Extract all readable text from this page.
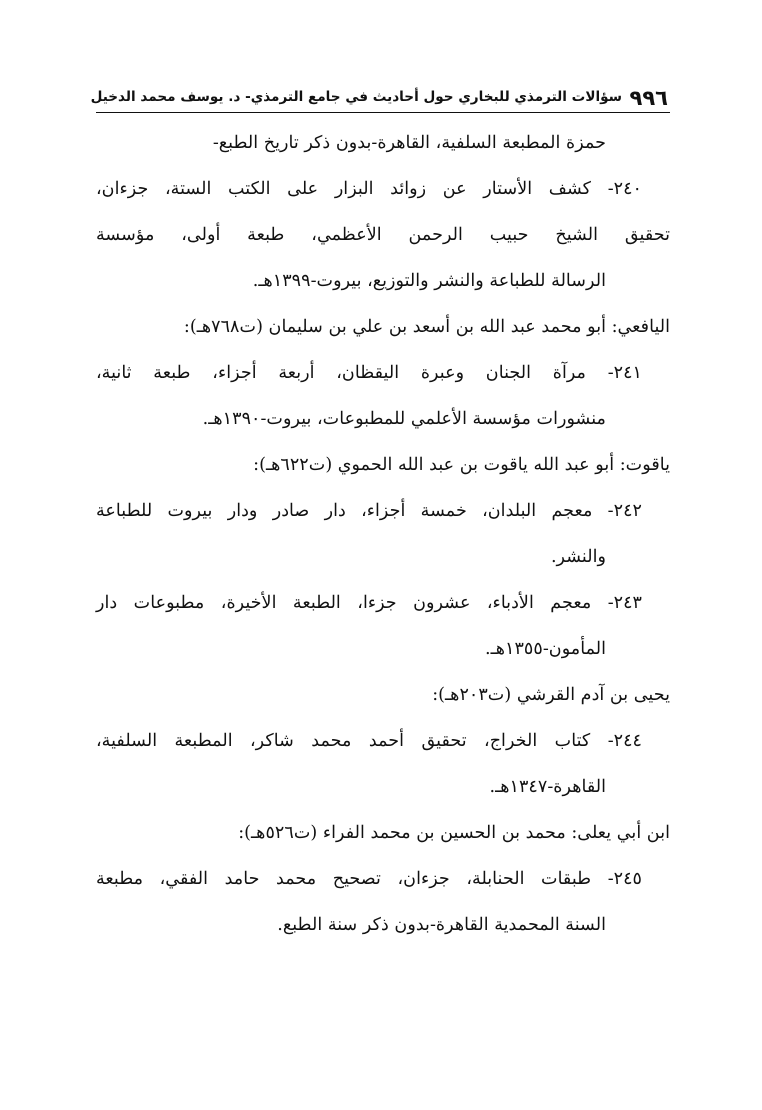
٩٩٦
سؤالات الترمذي للبخاري حول أحاديث في جامع الترمذي- د. يوسف محمد الدخيل
حمزة المطبعة السلفية، القاهرة-بدون ذكر تاريخ الطبع-
٢٤٠- كشف الأستار عن زوائد البزار على الكتب الستة، جزءان،
تحقيق الشيخ حبيب الرحمن الأعظمي، طبعة أولى، مؤسسة
الرسالة للطباعة والنشر والتوزيع، بيروت-١٣٩٩هـ.
اليافعي: أبو محمد عبد الله بن أسعد بن علي بن سليمان (ت٧٦٨هـ):
٢٤١- مرآة الجنان وعبرة اليقظان، أربعة أجزاء، طبعة ثانية،
منشورات مؤسسة الأعلمي للمطبوعات، بيروت-١٣٩٠هـ.
ياقوت: أبو عبد الله ياقوت بن عبد الله الحموي (ت٦٢٢هـ):
٢٤٢- معجم البلدان، خمسة أجزاء، دار صادر ودار بيروت للطباعة
والنشر.
٢٤٣- معجم الأدباء، عشرون جزءا، الطبعة الأخيرة، مطبوعات دار
المأمون-١٣٥٥هـ.
يحيى بن آدم القرشي (ت٢٠٣هـ):
٢٤٤- كتاب الخراج، تحقيق أحمد محمد شاكر، المطبعة السلفية،
القاهرة-١٣٤٧هـ.
ابن أبي يعلى: محمد بن الحسين بن محمد الفراء (ت٥٢٦هـ):
٢٤٥- طبقات الحنابلة، جزءان، تصحيح محمد حامد الفقي، مطبعة
السنة المحمدية القاهرة-بدون ذكر سنة الطبع.
